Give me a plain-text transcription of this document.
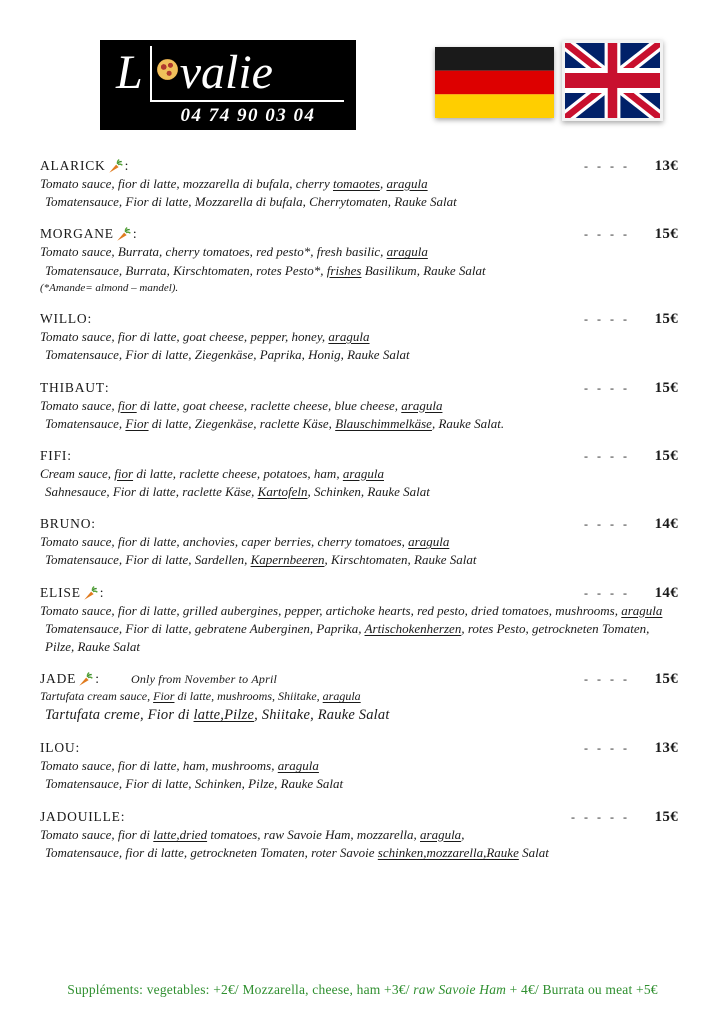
L valie
04 74 90 03 04
ALARICK :	- - - -	13€
Tomato sauce, fior di latte, mozzarella di bufala, cherry tomaotes, aragula
Tomatensauce, Fior di latte, Mozzarella di bufala, Cherrytomaten, Rauke Salat
MORGANE :	- - - -	15€
Tomato sauce, Burrata, cherry tomatoes, red pesto*, fresh basilic, aragula
Tomatensauce, Burrata, Kirschtomaten, rotes Pesto*, frishes Basilikum, Rauke Salat
(*Amande= almond – mandel).
WILLO :	- - - -	15€
Tomato sauce, fior di latte, goat cheese, pepper, honey, aragula
Tomatensauce, Fior di latte, Ziegenkäse, Paprika, Honig, Rauke Salat
THIBAUT :	- - - -	15€
Tomato sauce, fior di latte, goat cheese, raclette cheese, blue cheese, aragula
Tomatensauce, Fior di latte, Ziegenkäse, raclette Käse, Blauschimmelkäse, Rauke Salat.
FIFI :	- - - -	15€
Cream sauce, fior di latte, raclette cheese, potatoes, ham, aragula
Sahnesauce, Fior di latte, raclette Käse, Kartofeln, Schinken, Rauke Salat
BRUNO :	- - - -	14€
Tomato sauce, fior di latte, anchovies, caper berries, cherry tomatoes, aragula
Tomatensauce, Fior di latte, Sardellen, Kapernbeeren, Kirschtomaten, Rauke Salat
ELISE :	- - - -	14€
Tomato sauce, fior di latte, grilled aubergines, pepper, artichoke hearts, red pesto, dried tomatoes, mushrooms, aragula
Tomatensauce, Fior di latte, gebratene Auberginen, Paprika, Artischokenherzen, rotes Pesto, getrockneten Tomaten, Pilze, Rauke Salat
JADE :	Only from November to April	- - - -	15€
Tartufata cream sauce, Fior di latte, mushrooms, Shiitake, aragula
Tartufata creme, Fior di latte,Pilze, Shiitake, Rauke Salat
ILOU :	- - - -	13€
Tomato sauce, fior di latte, ham, mushrooms, aragula
Tomatensauce, Fior di latte, Schinken, Pilze, Rauke Salat
JADOUILLE :	- - - - -	15€
Tomato sauce, fior di latte,dried tomatoes, raw Savoie Ham, mozzarella, aragula,
Tomatensauce, fior di latte, getrockneten Tomaten, roter Savoie schinken,mozzarella,Rauke Salat
Suppléments: vegetables: +2€/ Mozzarella, cheese, ham +3€/ raw Savoie Ham + 4€/ Burrata ou meat +5€
